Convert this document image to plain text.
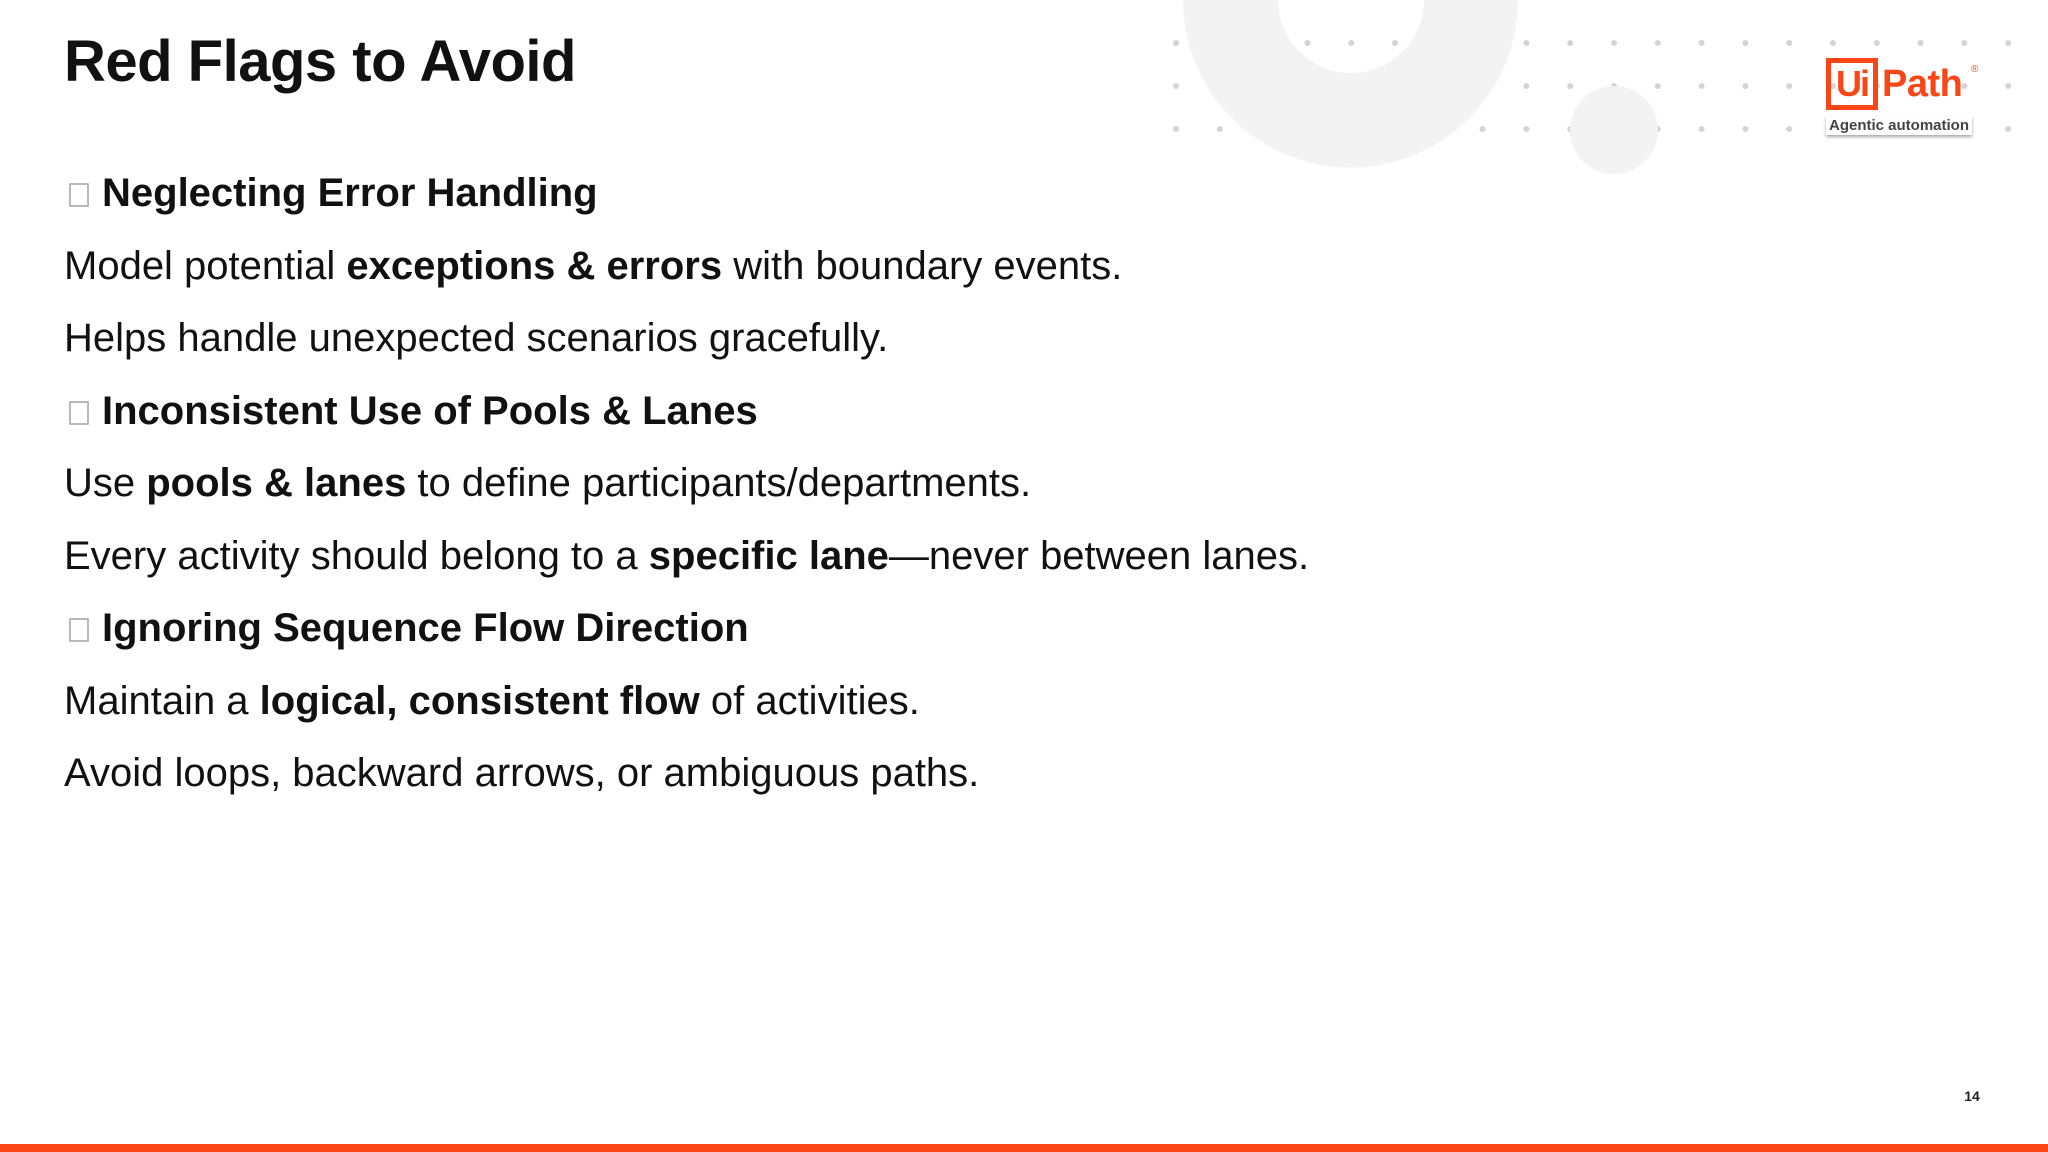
Red Flags to Avoid
Neglecting Error Handling
Model potential exceptions & errors with boundary events.
Helps handle unexpected scenarios gracefully.
Inconsistent Use of Pools & Lanes
Use pools & lanes to define participants/departments.
Every activity should belong to a specific lane—never between lanes.
Ignoring Sequence Flow Direction
Maintain a logical, consistent flow of activities.
Avoid loops, backward arrows, or ambiguous paths.
Ui Path ®
Agentic automation
14
